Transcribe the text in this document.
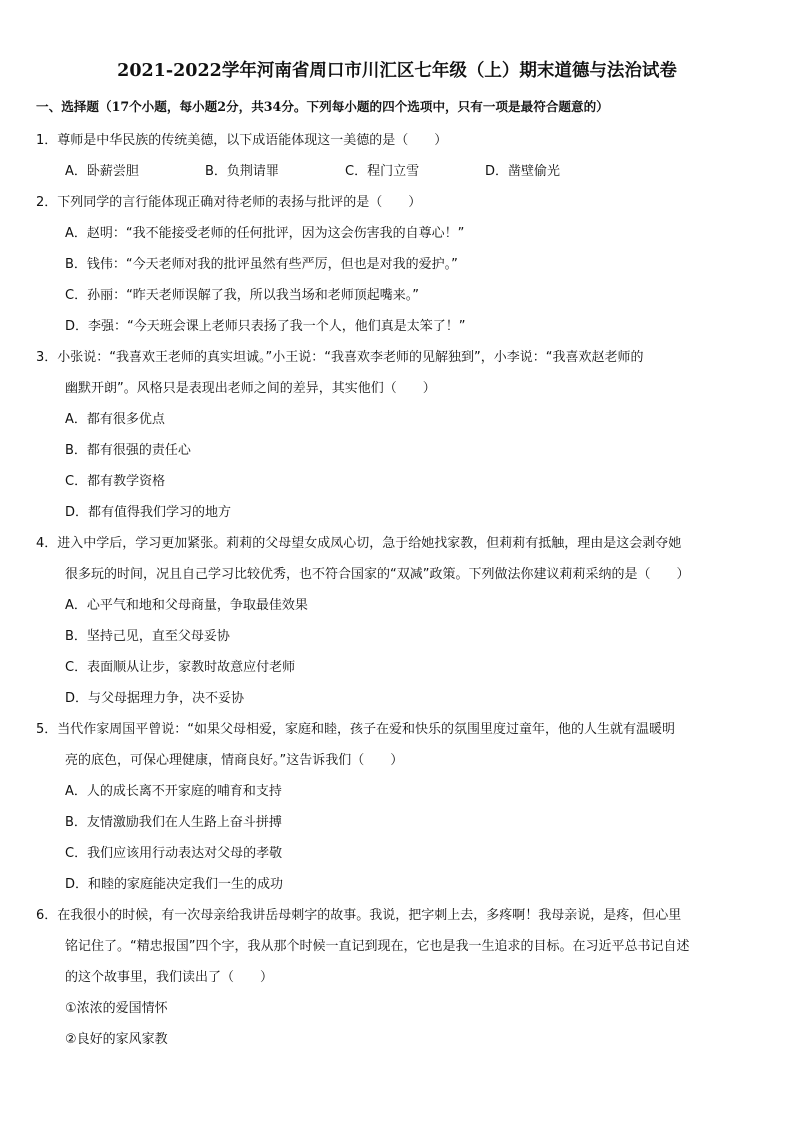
2021-2022学年河南省周口市川汇区七年级（上）期末道德与法治试卷
一、选择题（17个小题，每小题2分，共34分。下列每小题的四个选项中，只有一项是最符合题意的）
1．尊师是中华民族的传统美德，以下成语能体现这一美德的是（　　）
A．卧薪尝胆	B．负荆请罪	C．程门立雪	D．凿壁偷光
2．下列同学的言行能体现正确对待老师的表扬与批评的是（　　）
A．赵明：“我不能接受老师的任何批评，因为这会伤害我的自尊心！”
B．钱伟：“今天老师对我的批评虽然有些严厉，但也是对我的爱护。”
C．孙丽：“昨天老师误解了我，所以我当场和老师顶起嘴来。”
D．李强：“今天班会课上老师只表扬了我一个人，他们真是太笨了！”
3．小张说：“我喜欢王老师的真实坦诚。”小王说：“我喜欢李老师的见解独到”，小李说：“我喜欢赵老师的
幽默开朗”。风格只是表现出老师之间的差异，其实他们（　　）
A．都有很多优点
B．都有很强的责任心
C．都有教学资格
D．都有值得我们学习的地方
4．进入中学后，学习更加紧张。莉莉的父母望女成凤心切，急于给她找家教，但莉莉有抵触，理由是这会剥夺她
很多玩的时间，况且自己学习比较优秀，也不符合国家的“双减”政策。下列做法你建议莉莉采纳的是（　　）
A．心平气和地和父母商量，争取最佳效果
B．坚持己见，直至父母妥协
C．表面顺从让步，家教时故意应付老师
D．与父母据理力争，决不妥协
5．当代作家周国平曾说：“如果父母相爱，家庭和睦，孩子在爱和快乐的氛围里度过童年，他的人生就有温暖明
亮的底色，可保心理健康，情商良好。”这告诉我们（　　）
A．人的成长离不开家庭的哺育和支持
B．友情激励我们在人生路上奋斗拼搏
C．我们应该用行动表达对父母的孝敬
D．和睦的家庭能决定我们一生的成功
6．在我很小的时候，有一次母亲给我讲岳母刺字的故事。我说，把字刺上去，多疼啊！我母亲说，是疼，但心里
铭记住了。“精忠报国”四个字，我从那个时候一直记到现在，它也是我一生追求的目标。在习近平总书记自述
的这个故事里，我们读出了（　　）
①浓浓的爱国情怀
②良好的家风家教
